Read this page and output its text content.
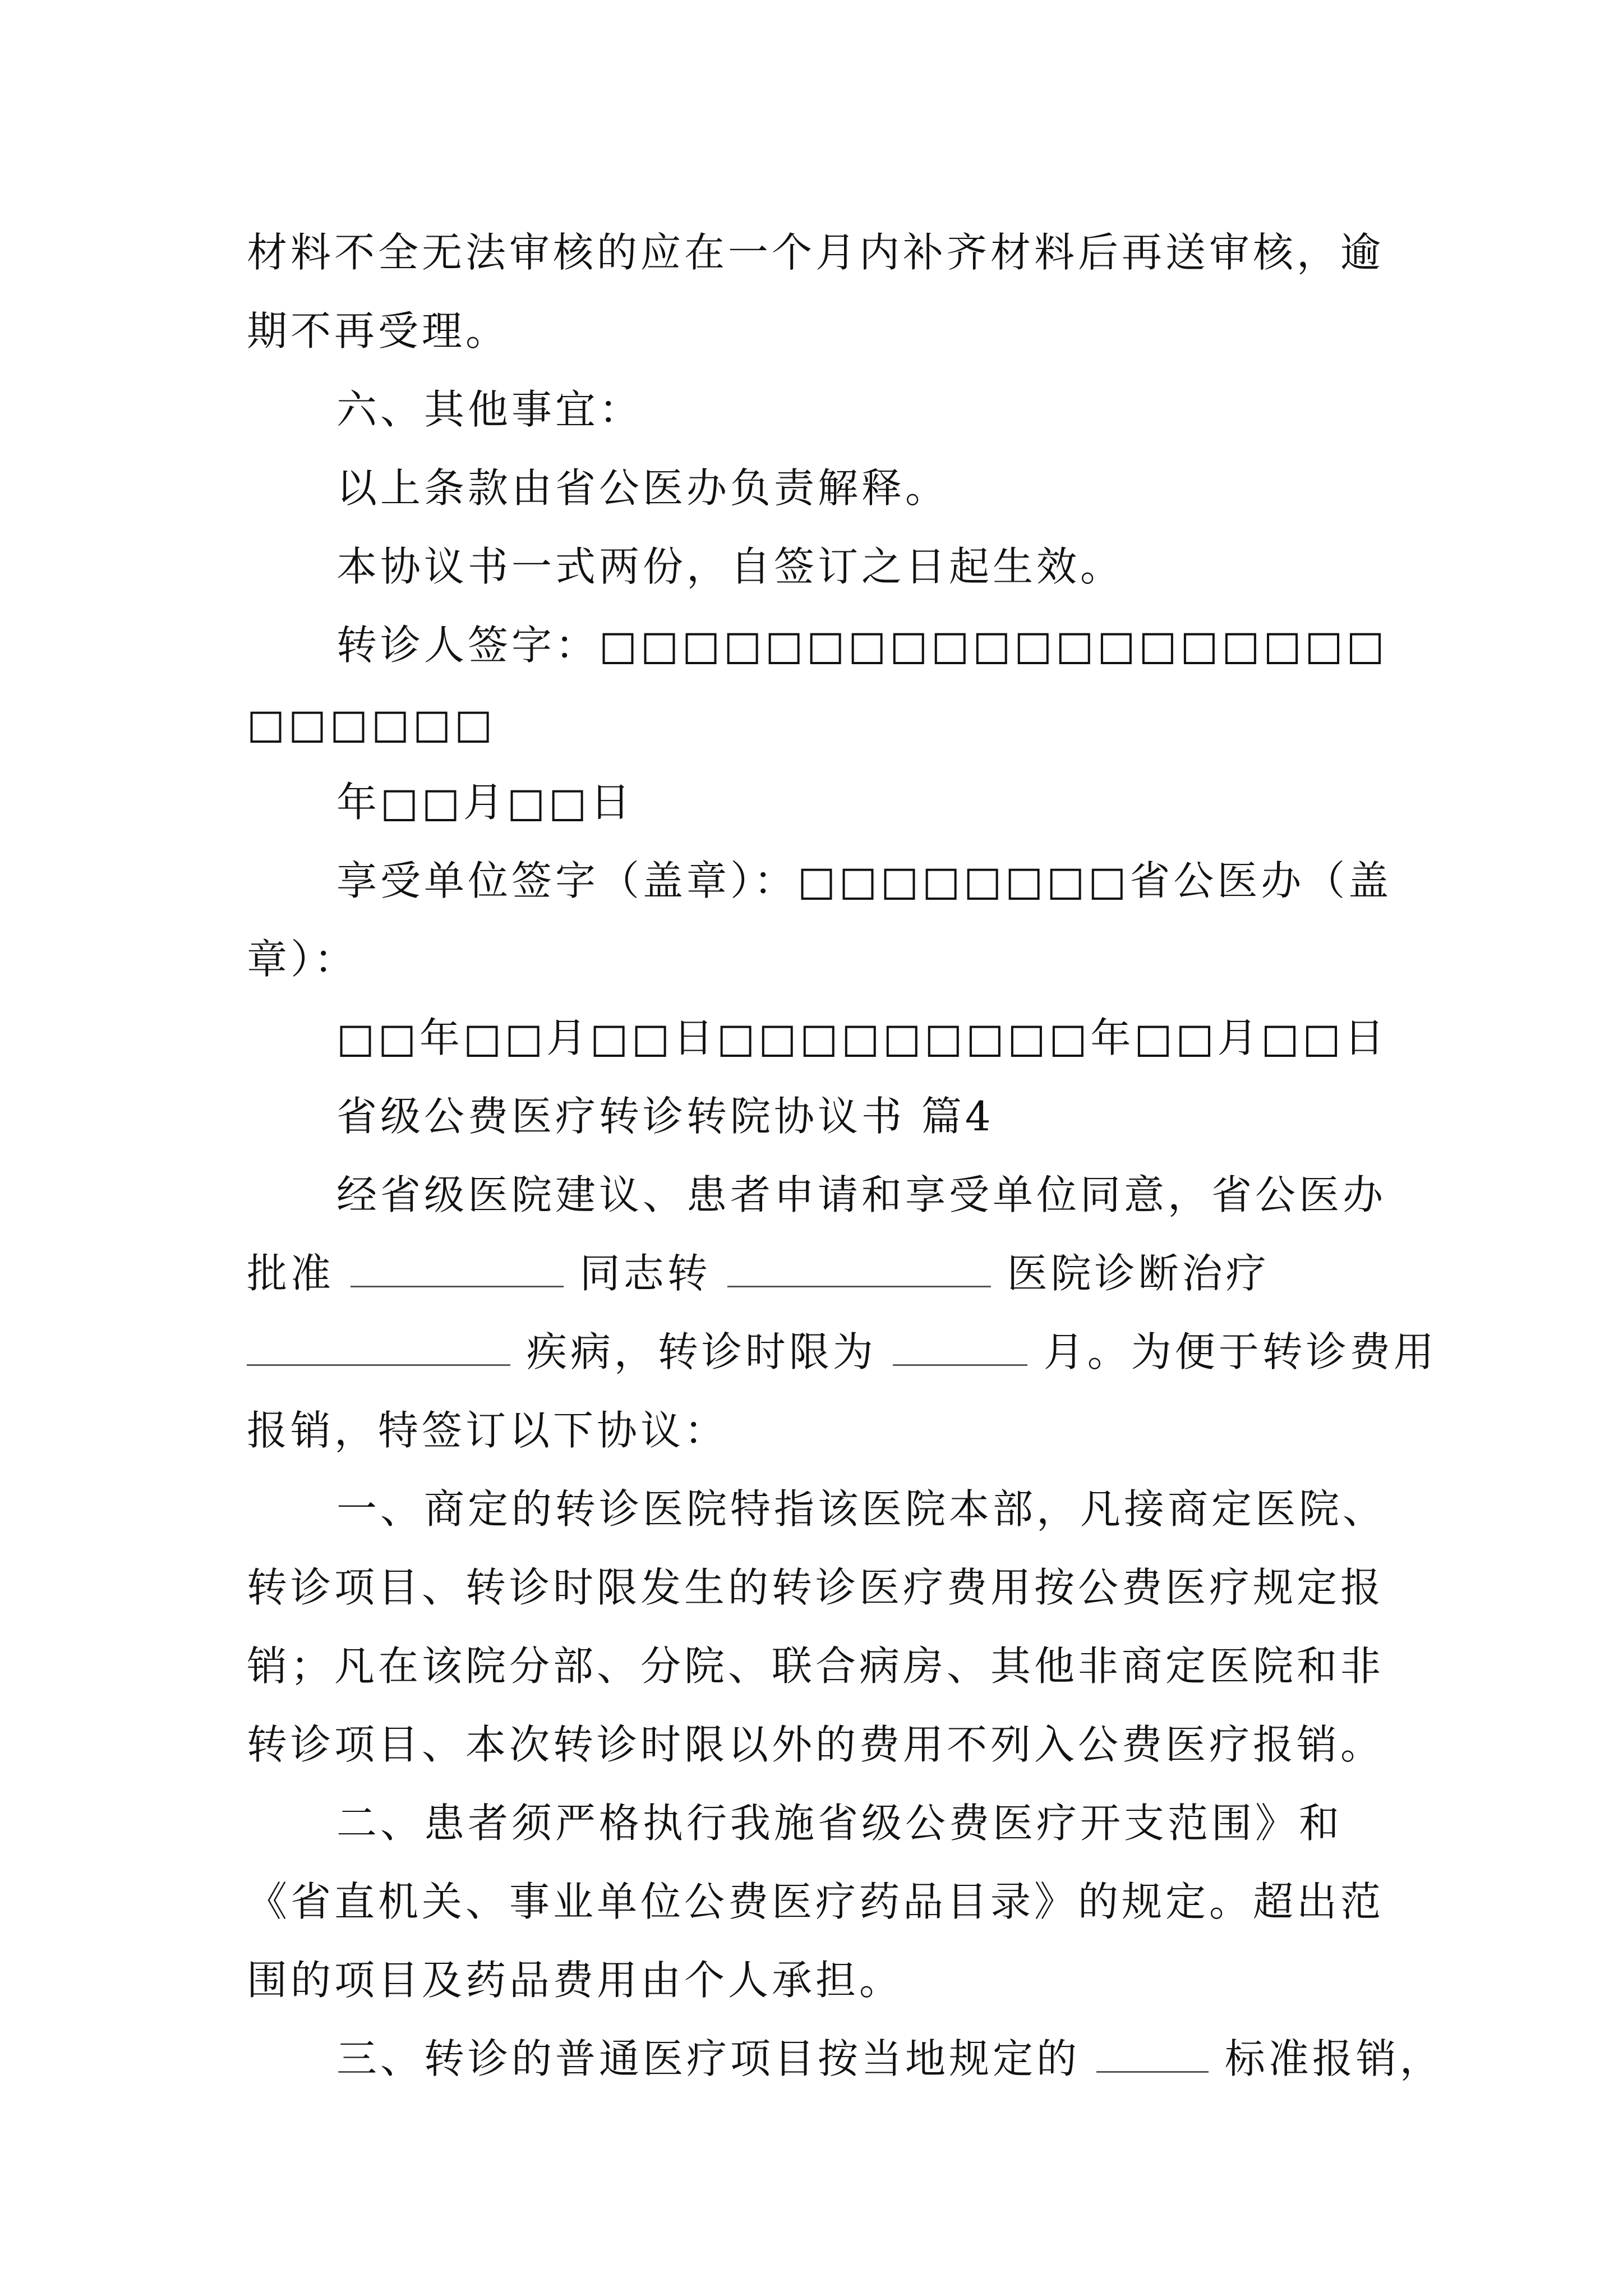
材料不全无法审核的应在一个月内补齐材料后再送审核，逾
期不再受理。
六、其他事宜：
以上条款由省公医办负责解释。
本协议书一式两份，自签订之日起生效。
转诊人签字：□□□□□□□□□□□□□□□□□□□
□□□□□□
年□□月□□日
享受单位签字（盖章）：□□□□□□□□省公医办（盖
章）：
□□年□□月□□日□□□□□□□□□年□□月□□日
省级公费医疗转诊转院协议书 篇4
经省级医院建议、患者申请和享受单位同意，省公医办
批准	同志转	医院诊断治疗
疾病，转诊时限为	月。为便于转诊费用
报销，特签订以下协议：
一、商定的转诊医院特指该医院本部，凡接商定医院、
转诊项目、转诊时限发生的转诊医疗费用按公费医疗规定报
销；凡在该院分部、分院、联合病房、其他非商定医院和非
转诊项目、本次转诊时限以外的费用不列入公费医疗报销。
二、患者须严格执行我施省级公费医疗开支范围》和
《省直机关、事业单位公费医疗药品目录》的规定。超出范
围的项目及药品费用由个人承担。
三、转诊的普通医疗项目按当地规定的	标准报销，
